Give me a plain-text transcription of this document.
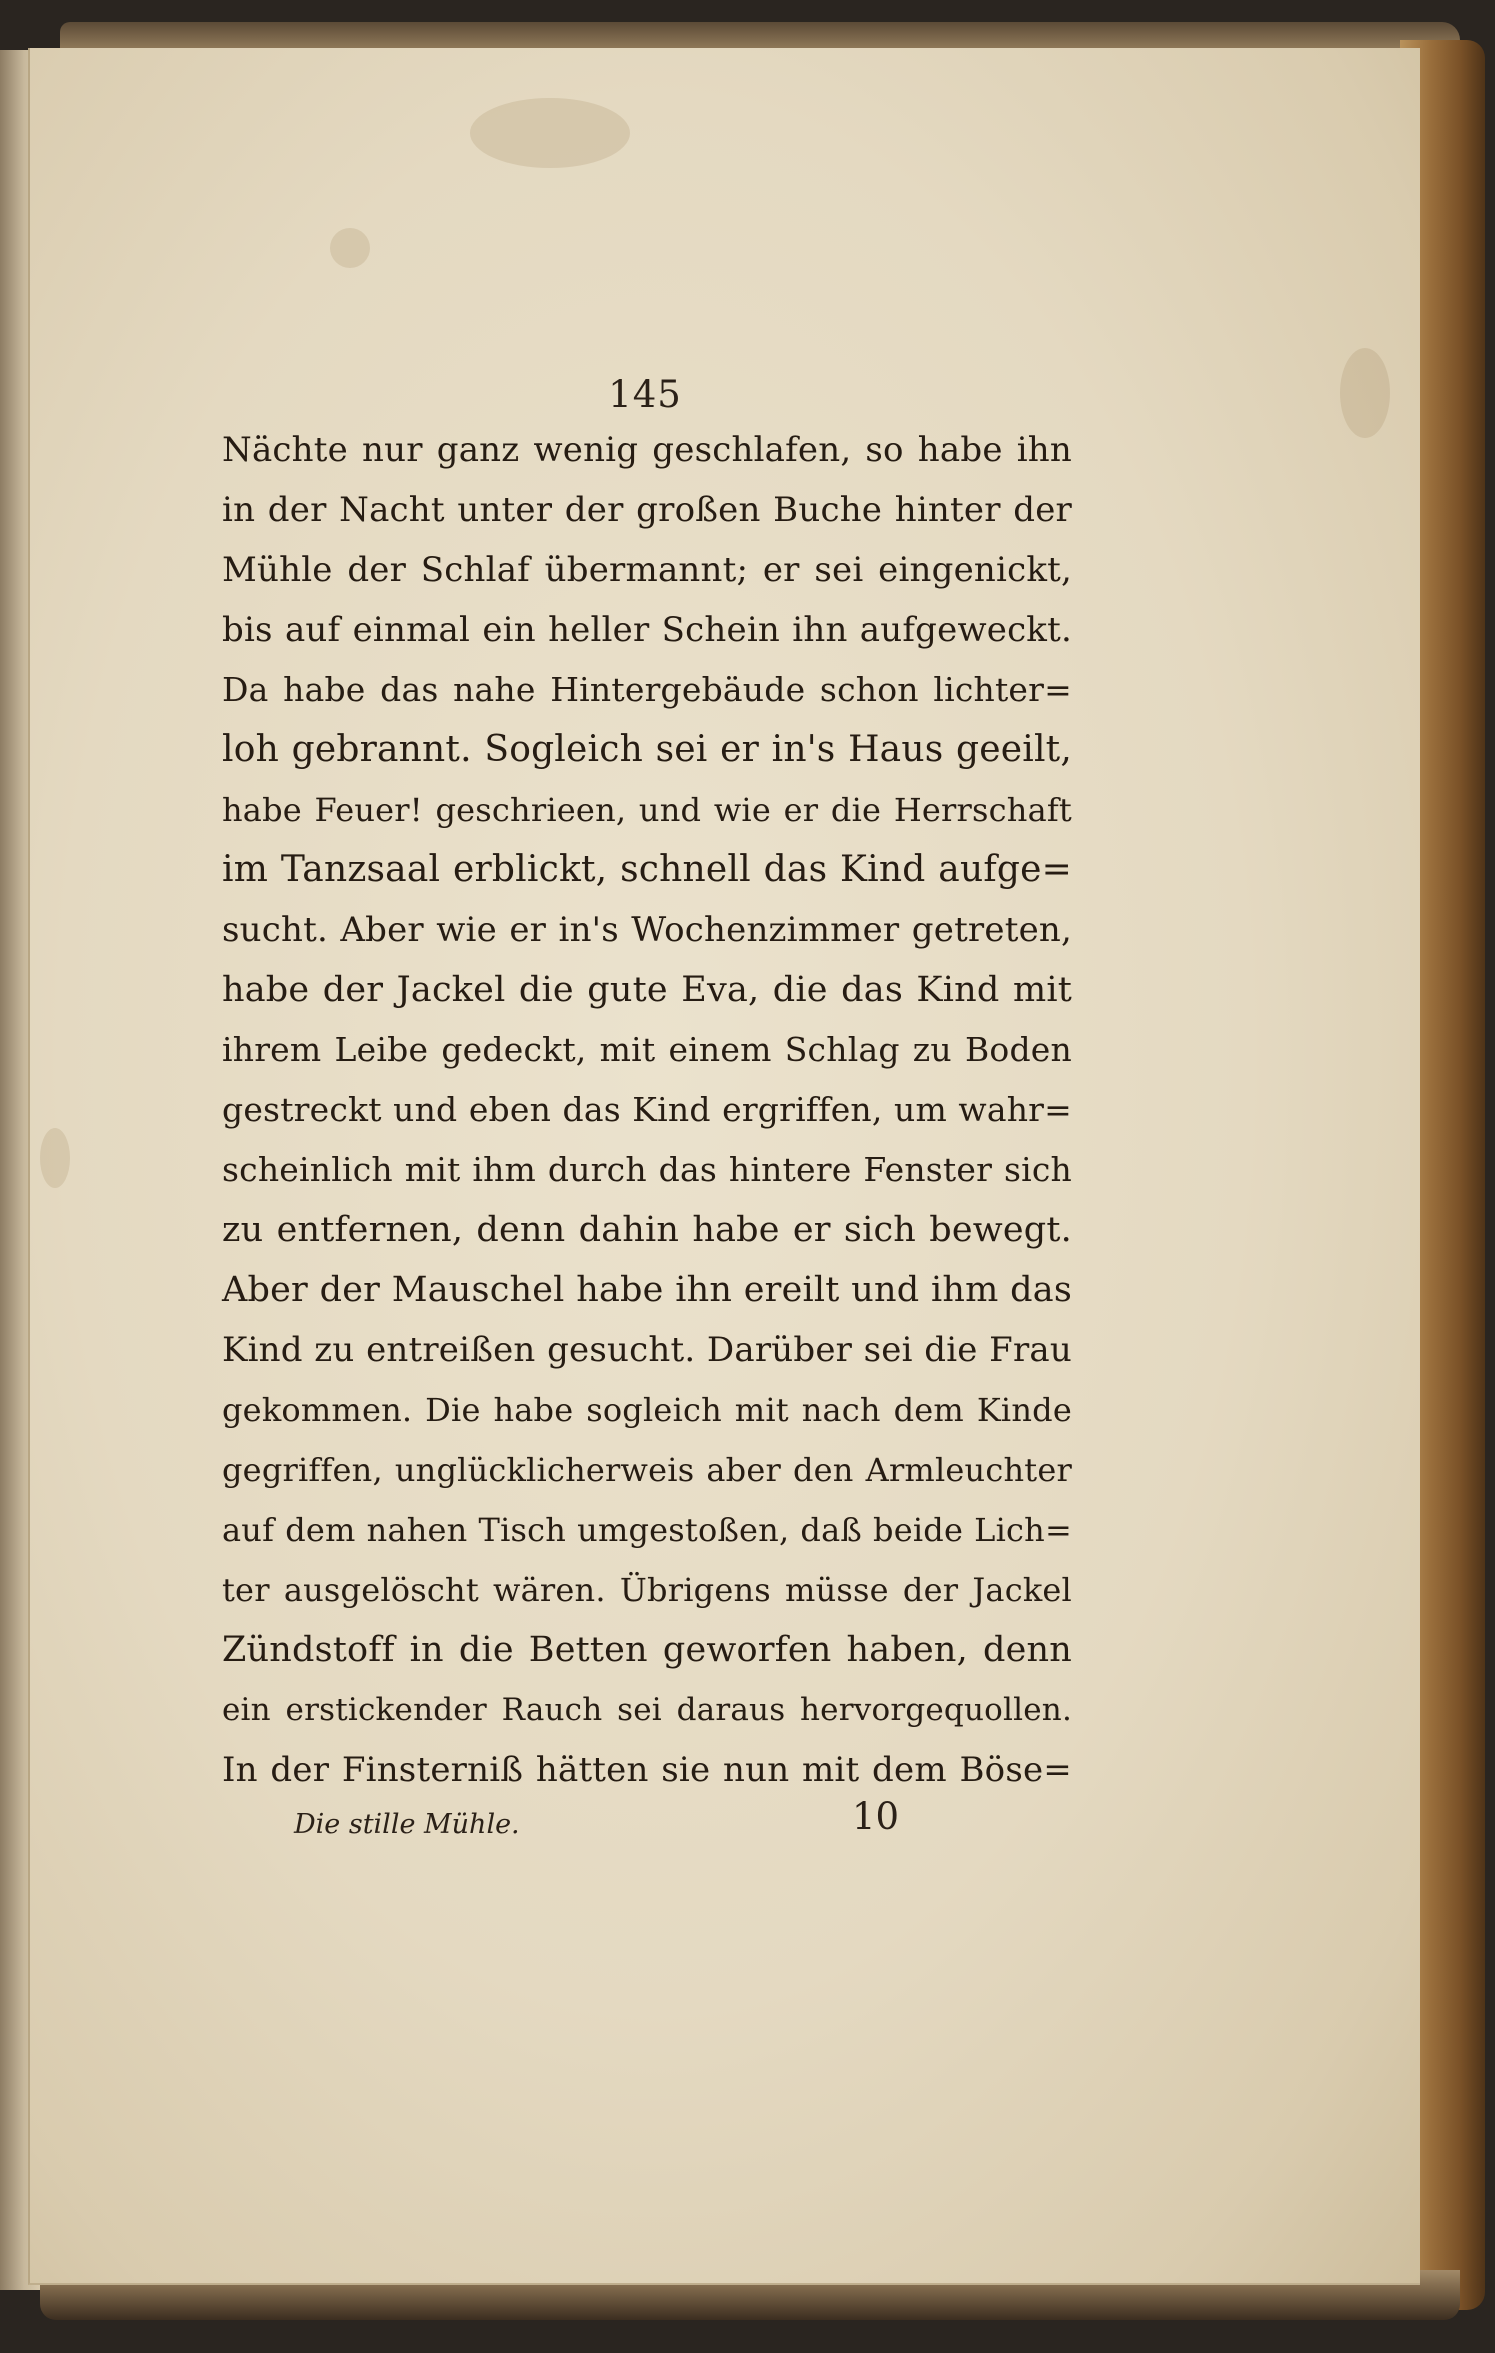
145
Nächte nur ganz wenig geschlafen, so habe ihn
in der Nacht unter der großen Buche hinter der
Mühle der Schlaf übermannt; er sei eingenickt,
bis auf einmal ein heller Schein ihn aufgeweckt.
Da habe das nahe Hintergebäude schon lichter=
loh gebrannt. Sogleich sei er in's Haus geeilt,
habe Feuer! geschrieen, und wie er die Herrschaft
im Tanzsaal erblickt, schnell das Kind aufge=
sucht. Aber wie er in's Wochenzimmer getreten,
habe der Jackel die gute Eva, die das Kind mit
ihrem Leibe gedeckt, mit einem Schlag zu Boden
gestreckt und eben das Kind ergriffen, um wahr=
scheinlich mit ihm durch das hintere Fenster sich
zu entfernen, denn dahin habe er sich bewegt.
Aber der Mauschel habe ihn ereilt und ihm das
Kind zu entreißen gesucht. Darüber sei die Frau
gekommen. Die habe sogleich mit nach dem Kinde
gegriffen, unglücklicherweis aber den Armleuchter
auf dem nahen Tisch umgestoßen, daß beide Lich=
ter ausgelöscht wären. Übrigens müsse der Jackel
Zündstoff in die Betten geworfen haben, denn
ein erstickender Rauch sei daraus hervorgequollen.
In der Finsterniß hätten sie nun mit dem Böse=
Die stille Mühle.	10
